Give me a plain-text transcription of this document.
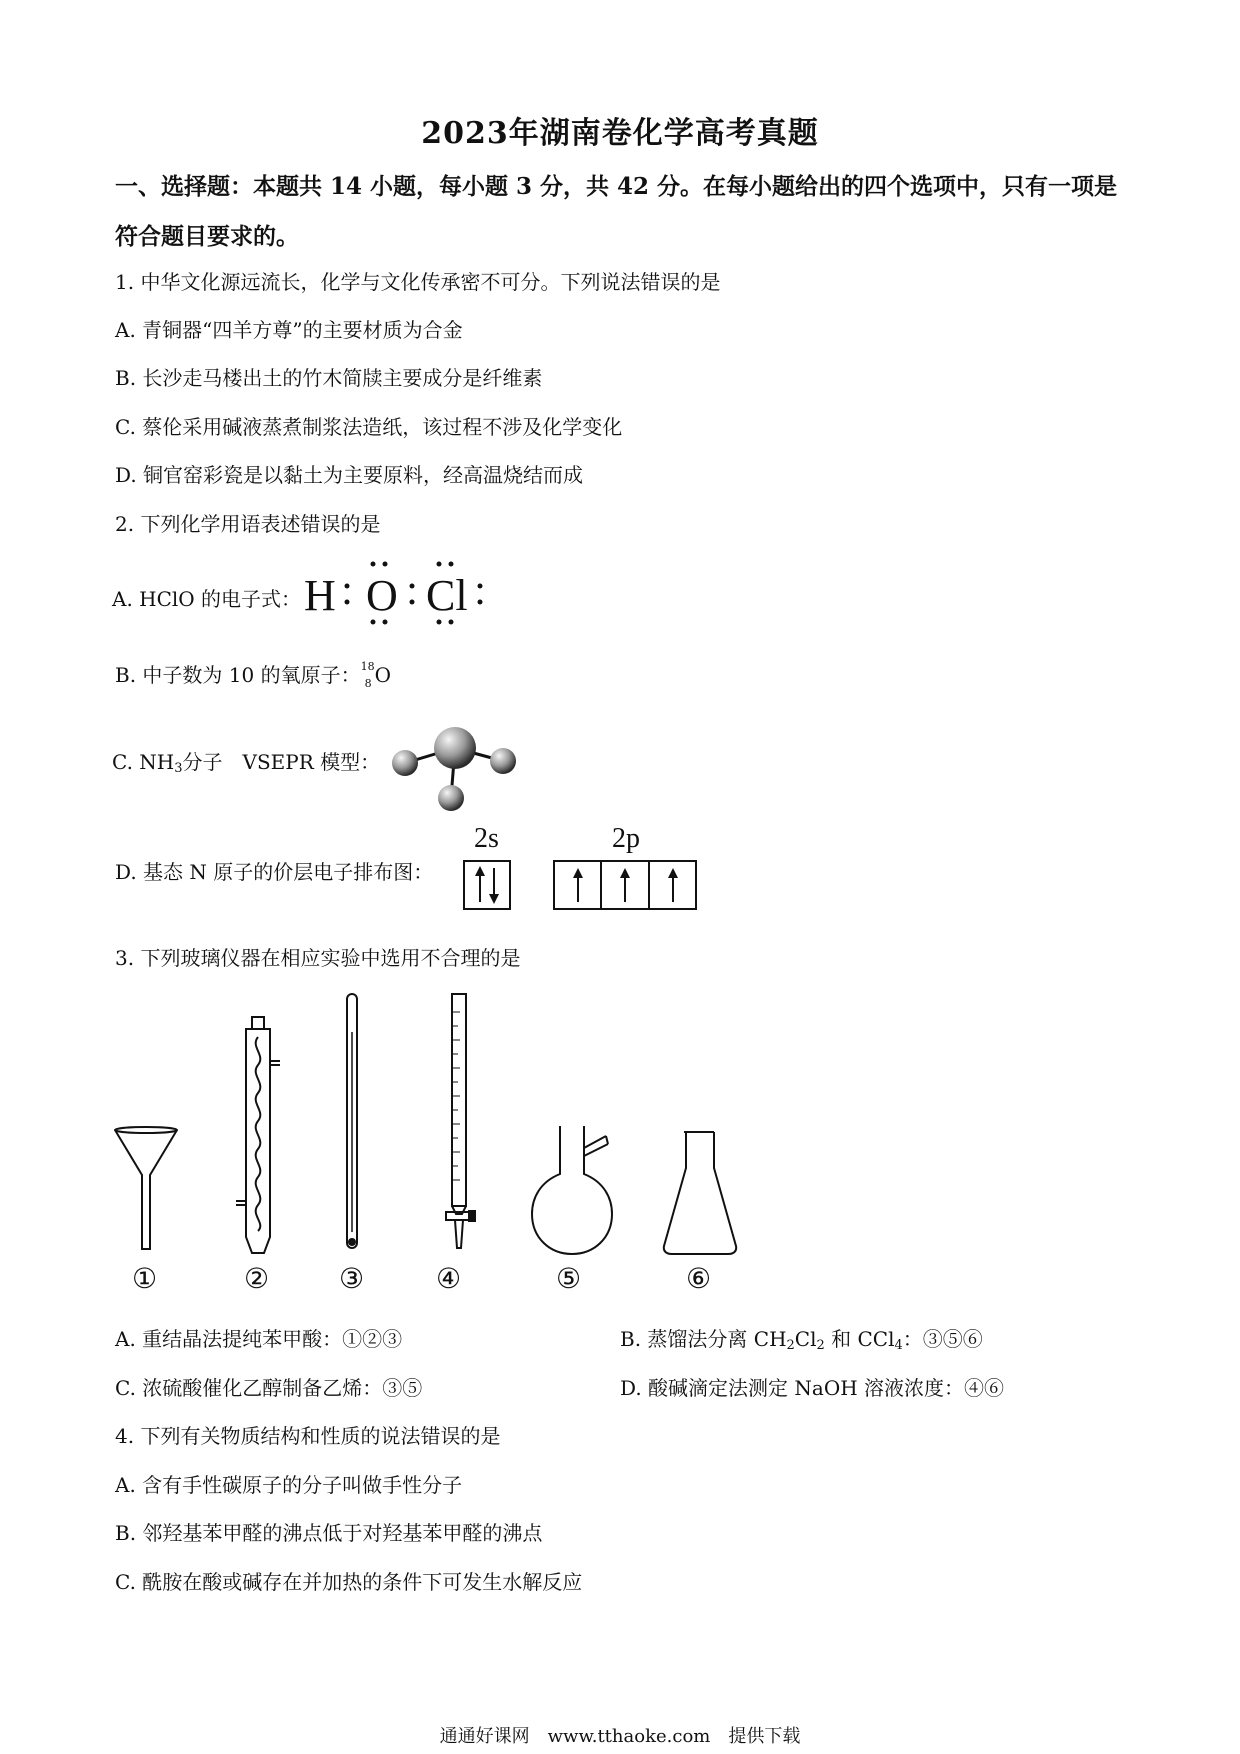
2023年湖南卷化学高考真题
一、选择题：本题共 14 小题，每小题 3 分，共 42 分。在每小题给出的四个选项中，只有一项是符合题目要求的。
1. 中华文化源远流长，化学与文化传承密不可分。下列说法错误的是
A. 青铜器“四羊方尊”的主要材质为合金
B. 长沙走马楼出土的竹木简牍主要成分是纤维素
C. 蔡伦采用碱液蒸煮制浆法造纸，该过程不涉及化学变化
D. 铜官窑彩瓷是以黏土为主要原料，经高温烧结而成
2. 下列化学用语表述错误的是
A. HClO 的电子式： H O Cl
B. 中子数为 10 的氧原子： 18
8 O
C. $NH_3$分子　VSEPR 模型：
D. 基态 N 原子的价层电子排布图：
2s	2p
3. 下列玻璃仪器在相应实验中选用不合理的是
①	② ③	④	⑤	⑥
A. 重结晶法提纯苯甲酸：①②③	B. 蒸馏法分离 $CH_2Cl_2$ 和 CCl$_4$：③⑤⑥
C. 浓硫酸催化乙醇制备乙烯：③⑤	D. 酸碱滴定法测定 NaOH 溶液浓度：④⑥
4. 下列有关物质结构和性质的说法错误的是
A. 含有手性碳原子的分子叫做手性分子
B. 邻羟基苯甲醛的沸点低于对羟基苯甲醛的沸点
C. 酰胺在酸或碱存在并加热的条件下可发生水解反应
通通好课网　www.tthaoke.com　提供下载
